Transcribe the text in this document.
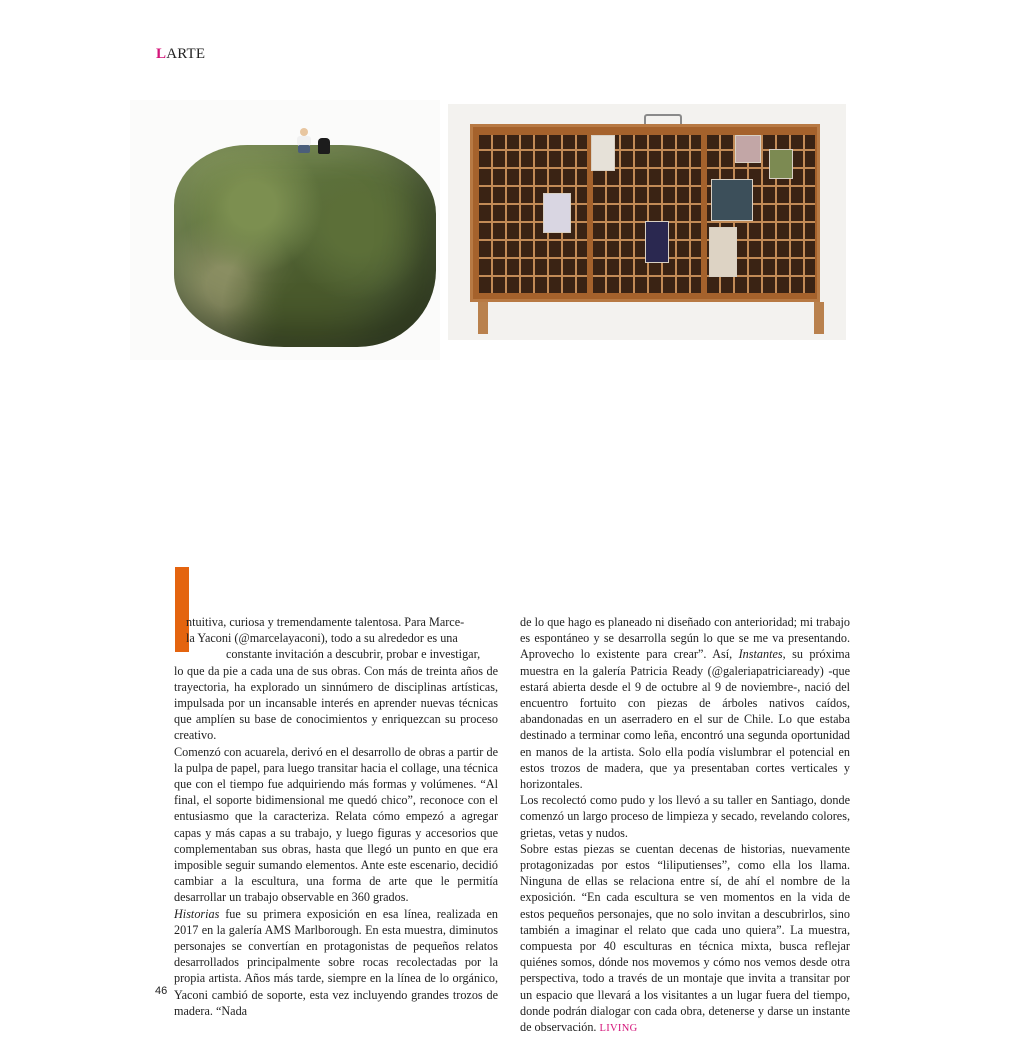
LARTE

ntuitiva, curiosa y tremendamente talentosa. Para Marce-

la Yaconi (@marcelayaconi), todo a su alrededor es una

constante invitación a descubrir, probar e investigar,

lo que da pie a cada una de sus obras. Con más de treinta años de trayectoria, ha explorado un sinnúmero de disciplinas artísticas, impulsada por un incansable interés en aprender nuevas técnicas que amplíen su base de conocimientos y enriquezcan su proceso creativo.

Comenzó con acuarela, derivó en el desarrollo de obras a partir de la pulpa de papel, para luego transitar hacia el collage, una técnica que con el tiempo fue adquiriendo más formas y volúmenes. “Al final, el soporte bidimensional me quedó chico”, reconoce con el entusiasmo que la caracteriza. Relata cómo empezó a agregar capas y más capas a su trabajo, y luego figuras y accesorios que complementaban sus obras, hasta que llegó un punto en que era imposible seguir sumando elementos. Ante este escenario, decidió cambiar a la escultura, una forma de arte que le permitía desarrollar un trabajo observable en 360 grados.

Historias fue su primera exposición en esa línea, realizada en 2017 en la galería AMS Marlborough. En esta muestra, diminutos personajes se convertían en protagonistas de pequeños relatos desarrollados principalmente sobre rocas recolectadas por la propia artista. Años más tarde, siempre en la línea de lo orgánico, Yaconi cambió de soporte, esta vez incluyendo grandes trozos de madera. “Nada

de lo que hago es planeado ni diseñado con anterioridad; mi trabajo es espontáneo y se desarrolla según lo que se me va presentando. Aprovecho lo existente para crear”. Así, Instantes, su próxima muestra en la galería Patricia Ready (@galeriapatriciaready) -que estará abierta desde el 9 de octubre al 9 de noviembre-, nació del encuentro fortuito con piezas de árboles nativos caídos, abandonadas en un aserradero en el sur de Chile. Lo que estaba destinado a terminar como leña, encontró una segunda oportunidad en manos de la artista. Solo ella podía vislumbrar el potencial en estos trozos de madera, que ya presentaban cortes verticales y horizontales.

Los recolectó como pudo y los llevó a su taller en Santiago, donde comenzó un largo proceso de limpieza y secado, revelando colores, grietas, vetas y nudos.

Sobre estas piezas se cuentan decenas de historias, nuevamente protagonizadas por estos “liliputienses”, como ella los llama. Ninguna de ellas se relaciona entre sí, de ahí el nombre de la exposición. “En cada escultura se ven momentos en la vida de estos pequeños personajes, que no solo invitan a descubrirlos, sino también a imaginar el relato que cada uno quiera”. La muestra, compuesta por 40 esculturas en técnica mixta, busca reflejar quiénes somos, dónde nos movemos y cómo nos vemos desde otra perspectiva, todo a través de un montaje que invita a transitar por un espacio que llevará a los visitantes a un lugar fuera del tiempo, donde podrán dialogar con cada obra, detenerse y darse un instante de observación. LIVING

46
